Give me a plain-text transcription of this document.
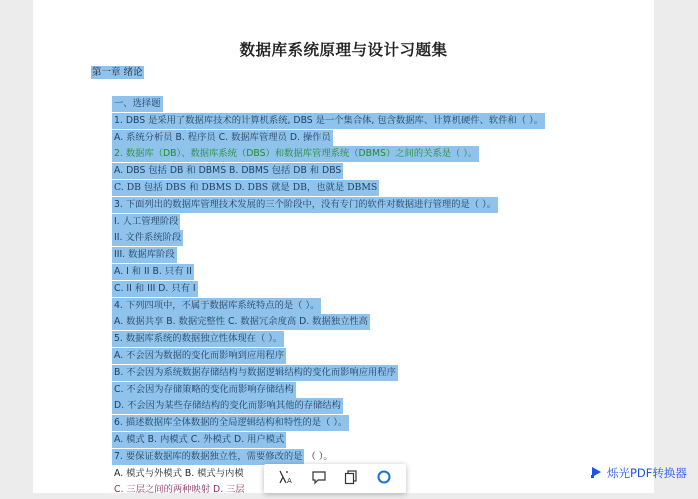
数据库系统原理与设计习题集
第一章 绪论
一、选择题
1. DBS 是采用了数据库技术的计算机系统, DBS 是一个集合体, 包含数据库、计算机硬件、软件和（ ）。
A. 系统分析员 B. 程序员 C. 数据库管理员 D. 操作员
2. 数据库（DB）、数据库系统（DBS）和数据库管理系统（DBMS）之间的关系是（ ）。
A. DBS 包括 DB 和 DBMS B. DBMS 包括 DB 和 DBS
C. DB 包括 DBS 和 DBMS D. DBS 就是 DB，也就是 DBMS
3. 下面列出的数据库管理技术发展的三个阶段中，没有专门的软件对数据进行管理的是（ ）。
I. 人工管理阶段
II. 文件系统阶段
III. 数据库阶段
A. I 和 II B. 只有 II
C. II 和 III D. 只有 I
4. 下列四项中，不属于数据库系统特点的是（ ）。
A. 数据共享 B. 数据完整性 C. 数据冗余度高 D. 数据独立性高
5. 数据库系统的数据独立性体现在（ ）。
A. 不会因为数据的变化而影响到应用程序
B. 不会因为系统数据存储结构与数据逻辑结构的变化而影响应用程序
C. 不会因为存储策略的变化而影响存储结构
D. 不会因为某些存储结构的变化而影响其他的存储结构
6. 描述数据库全体数据的全局逻辑结构和特性的是（ ）。
A. 模式 B. 内模式 C. 外模式 D. 用户模式
7. 要保证数据库的数据独立性，需要修改的是 （ ）。
A. 模式与外模式 B. 模式与内模
C. 三层之间的两种映射 D. 三层
A
烁光PDF转换器
